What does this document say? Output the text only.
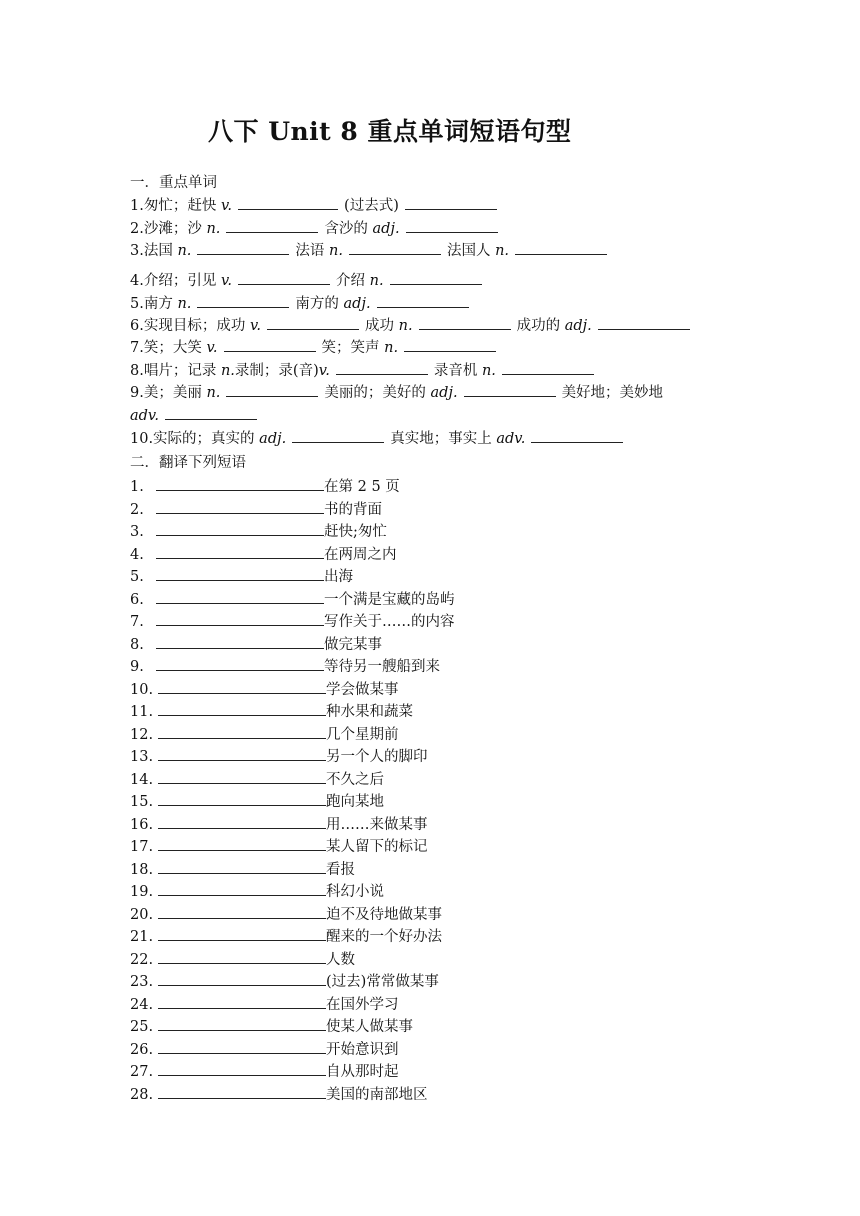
八下 Unit 8 重点单词短语句型
一．重点单词
1.匆忙；赶快 v.	(过去式)
2.沙滩；沙 n.	含沙的 adj.
3.法国 n.	法语 n.	法国人 n.
4.介绍；引见 v.	介绍 n.
5.南方 n.	南方的 adj.
6.实现目标；成功 v.	成功 n.	成功的 adj.
7.笑；大笑 v.	笑；笑声 n.
8.唱片；记录 n.录制；录(音)v.	录音机 n.
9.美；美丽 n.	美丽的；美好的 adj.	美好地；美妙地
adv.
10.实际的；真实的 adj.	真实地；事实上 adv.
二．翻译下列短语
1.	在第 2 5 页
2.	书的背面
3.	赶快;匆忙
4.	在两周之内
5.	出海
6.	一个满是宝藏的岛屿
7.	写作关于……的内容
8.	做完某事
9.	等待另一艘船到来
10.	学会做某事
11.	种水果和蔬菜
12.	几个星期前
13.	另一个人的脚印
14.	不久之后
15.	跑向某地
16.	用……来做某事
17.	某人留下的标记
18.	看报
19.	科幻小说
20.	迫不及待地做某事
21.	醒来的一个好办法
22.	人数
23.	(过去)常常做某事
24.	在国外学习
25.	使某人做某事
26.	开始意识到
27.	自从那时起
28.	美国的南部地区
